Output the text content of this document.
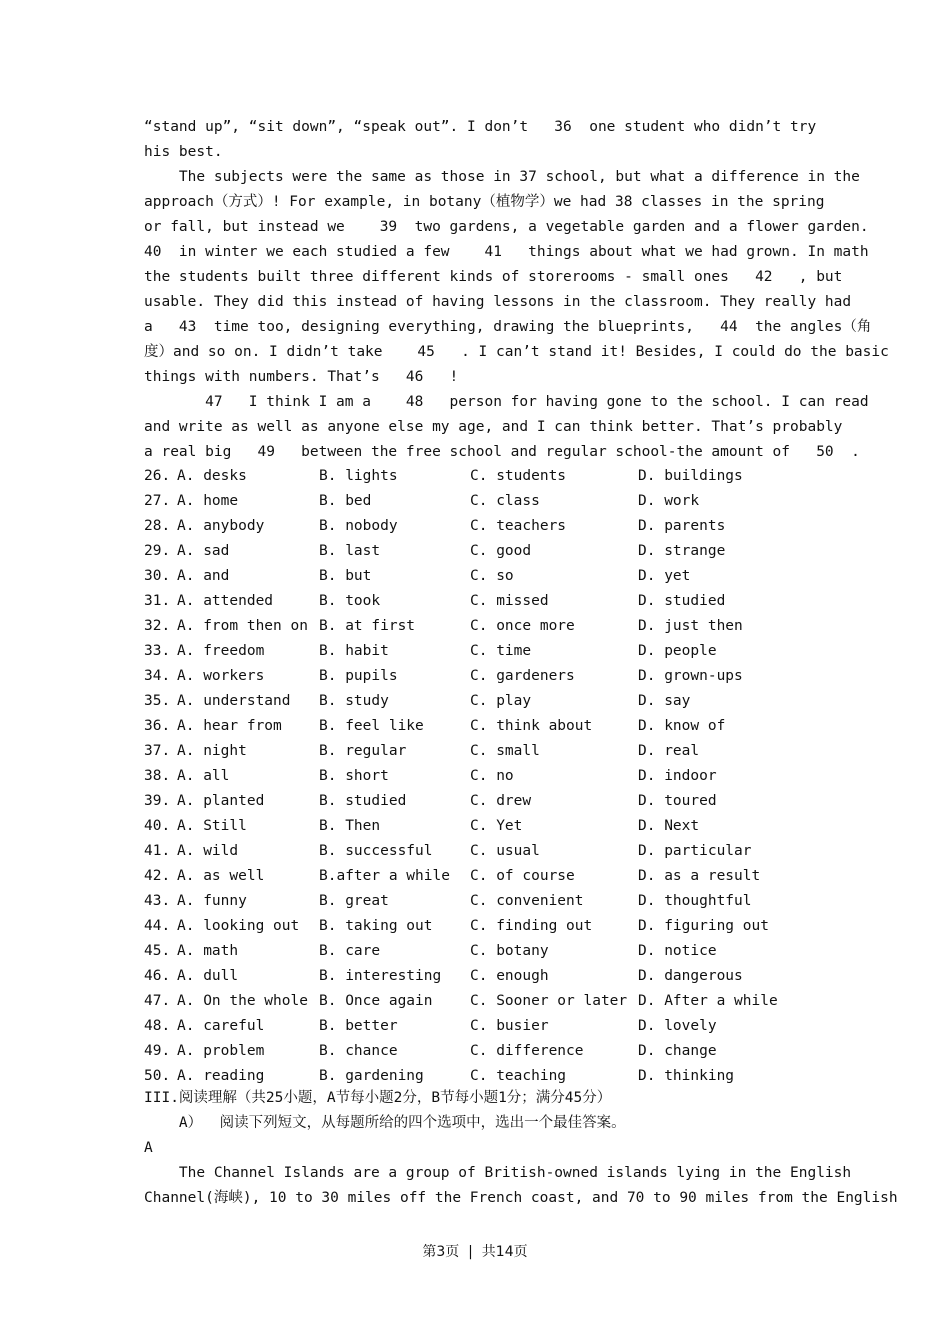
“stand up”, “sit down”, “speak out”. I don’t   36  one student who didn’t try
his best.
The subjects were the same as those in 37 school, but what a difference in the
approach（方式）! For example, in botany（植物学）we had 38 classes in the spring
or fall, but instead we    39  two gardens, a vegetable garden and a flower garden.
40  in winter we each studied a few    41   things about what we had grown. In math
the students built three different kinds of storerooms - small ones   42   , but
usable. They did this instead of having lessons in the classroom. They really had
a   43  time too, designing everything, drawing the blueprints,   44  the angles（角
度）and so on. I didn’t take    45   . I can’t stand it! Besides, I could do the basic
things with numbers. That’s   46   !
47   I think I am a    48   person for having gone to the school. I can read
and write as well as anyone else my age, and I can think better. That’s probably
a real big   49   between the free school and regular school-the amount of   50  .
26. A. desks	B. lights	C. students	D. buildings
27. A. home	B. bed	C. class	D. work
28. A. anybody	B. nobody	C. teachers	D. parents
29. A. sad	B. last	C. good	D. strange
30. A. and	B. but	C. so	D. yet
31. A. attended	B. took	C. missed	D. studied
32. A. from then on B. at first	C. once more	D. just then
33. A. freedom	B. habit	C. time	D. people
34. A. workers	B. pupils	C. gardeners	D. grown-ups
35. A. understand B. study	C. play	D. say
36. A. hear from	B. feel like	C. think about	D. know of
37. A. night	B. regular	C. small	D. real
38. A. all	B. short	C. no	D. indoor
39. A. planted	B. studied	C. drew	D. toured
40. A. Still	B. Then	C. Yet	D. Next
41. A. wild	B. successful	C. usual	D. particular
42. A. as well	B.after a while C. of course	D. as a result
43. A. funny	B. great	C. convenient	D. thoughtful
44. A. looking out B. taking out	C. finding out	D. figuring out
45. A. math	B. care	C. botany	D. notice
46. A. dull	B. interesting C. enough	D. dangerous
47. A. On the whole B. Once again	C. Sooner or later D. After a while
48. A. careful	B. better	C. busier	D. lovely
49. A. problem	B. chance	C. difference	D. change
50. A. reading	B. gardening	C. teaching	D. thinking
III.阅读理解（共25小题，A节每小题2分，B节每小题1分；满分45分）
A）  阅读下列短文，从每题所给的四个选项中，选出一个最佳答案。
A
The Channel Islands are a group of British-owned islands lying in the English
Channel(海峡), 10 to 30 miles off the French coast, and 70 to 90 miles from the English
第3页  |  共14页
